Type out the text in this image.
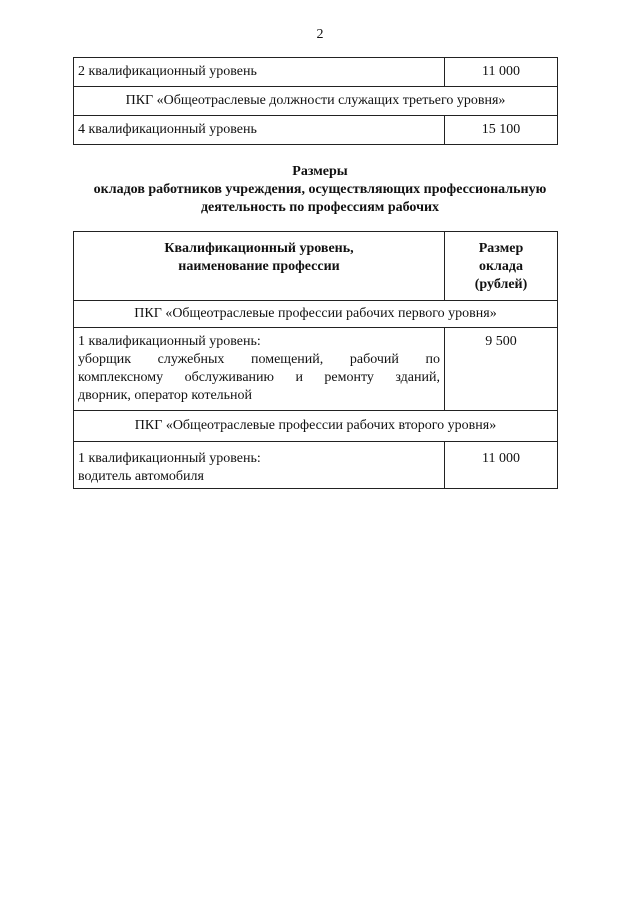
2
2 квалификационный уровень	11 000
ПКГ «Общеотраслевые должности служащих третьего уровня»	
4 квалификационный уровень	15 100
Размеры
окладов работников учреждения, осуществляющих профессиональную
деятельность по профессиям рабочих
Квалификационный уровень,
наименование профессии	Размер
оклада
(рублей)

ПКГ «Общеотраслевые профессии рабочих первого уровня»	

1 квалификационный уровень:
уборщик служебных помещений, рабочий по
комплексному обслуживанию и ремонту зданий,
дворник, оператор котельной	9 500
ПКГ «Общеотраслевые профессии рабочих второго уровня»	

1 квалификационный уровень:
водитель автомобиля	11 000
